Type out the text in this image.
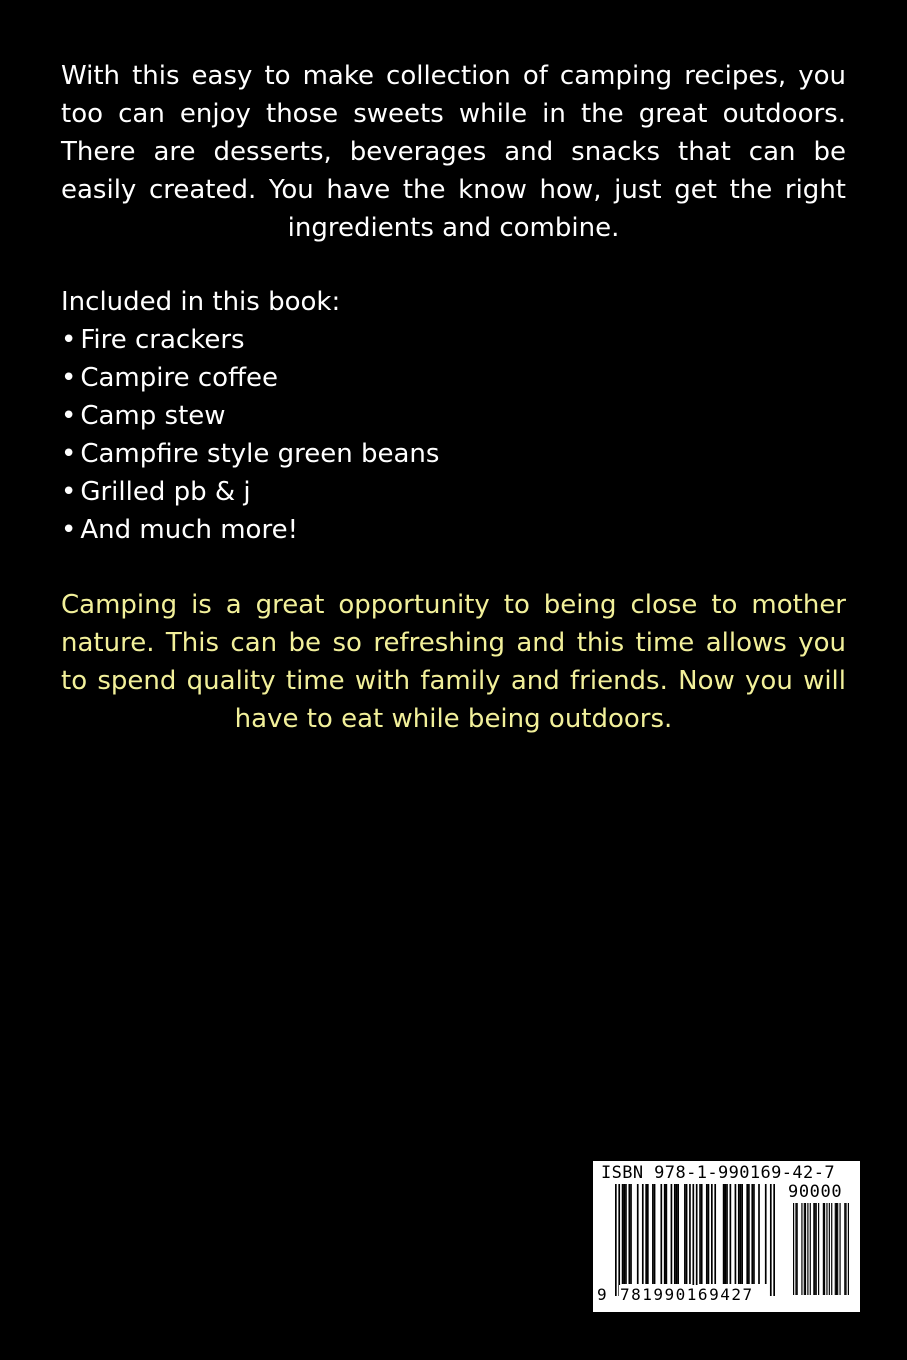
With this easy to make collection of camping recipes, you too can enjoy those sweets while in the great outdoors. There are desserts, beverages and snacks that can be easily created. You have the know how, just get the right ingredients and combine.

Included in this book:

• Fire crackers
• Campire coffee
• Camp stew
• Campfire style green beans
• Grilled pb & j
• And much more!

Camping is a great opportunity to being close to mother nature. This can be so refreshing and this time allows you to spend quality time with family and friends. Now you will have to eat while being outdoors.

ISBN 978-1-990169-42-7
90000
9 781990169427
